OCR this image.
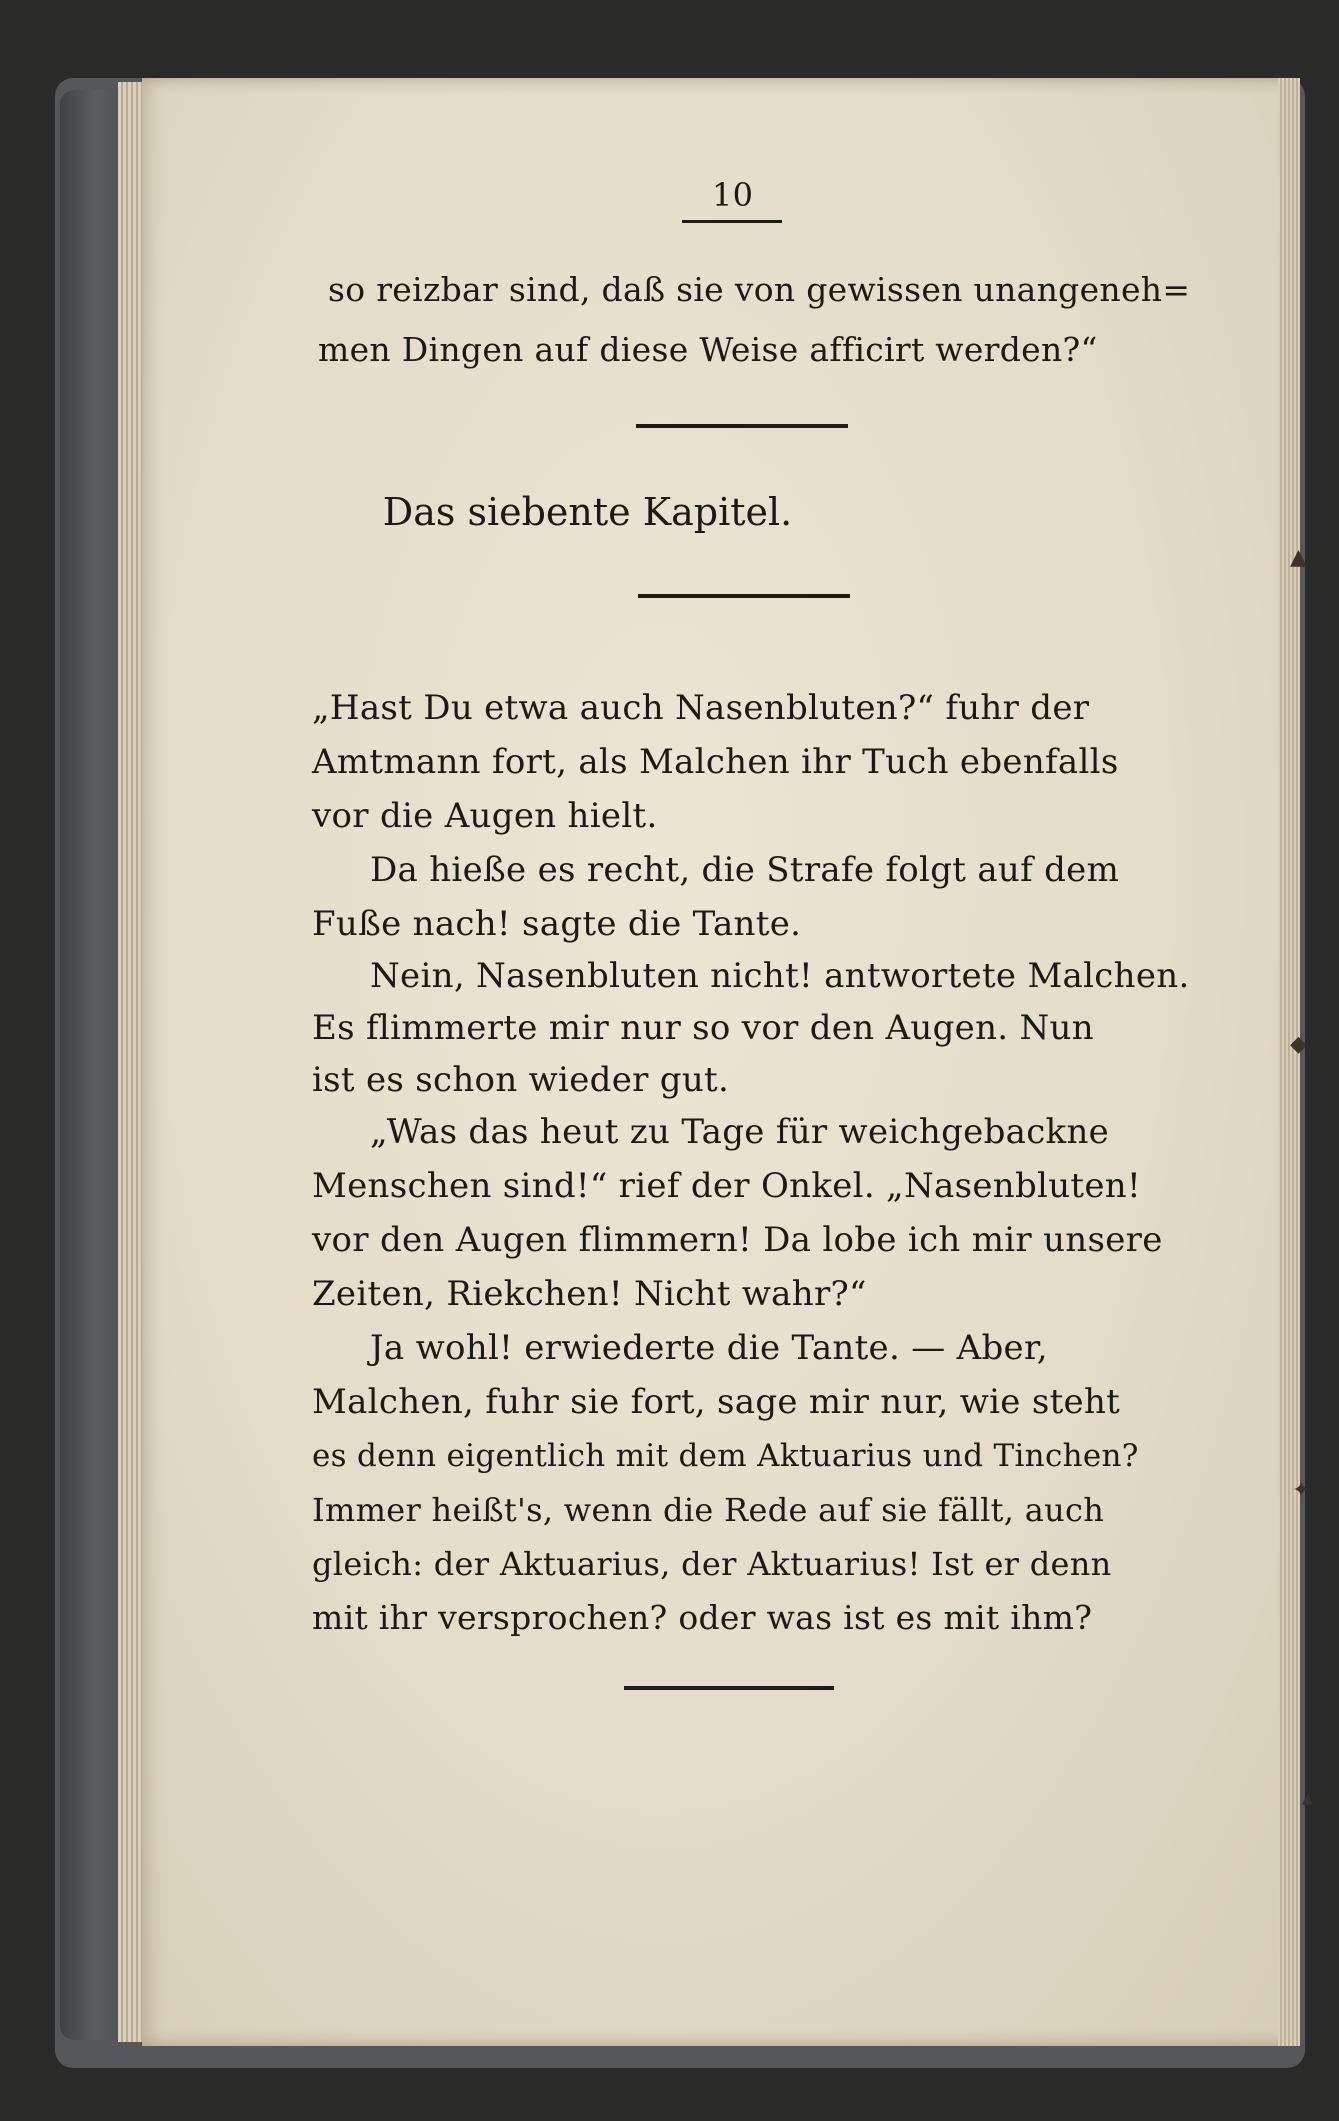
10
so reizbar sind, daß sie von gewissen unangeneh=
men Dingen auf diese Weise afficirt werden?“
Das siebente Kapitel.
„Hast Du etwa auch Nasenbluten?“ fuhr der
Amtmann fort, als Malchen ihr Tuch ebenfalls
vor die Augen hielt.
Da hieße es recht, die Strafe folgt auf dem
Fuße nach! sagte die Tante.
Nein, Nasenbluten nicht! antwortete Malchen.
Es flimmerte mir nur so vor den Augen. Nun
ist es schon wieder gut.
„Was das heut zu Tage für weichgebackne
Menschen sind!“ rief der Onkel. „Nasenbluten!
vor den Augen flimmern! Da lobe ich mir unsere
Zeiten, Riekchen! Nicht wahr?“
Ja wohl! erwiederte die Tante. — Aber,
Malchen, fuhr sie fort, sage mir nur, wie steht
es denn eigentlich mit dem Aktuarius und Tinchen?
Immer heißt's, wenn die Rede auf sie fällt, auch
gleich: der Aktuarius, der Aktuarius! Ist er denn
mit ihr versprochen? oder was ist es mit ihm?
▲
◆
✦
▴
